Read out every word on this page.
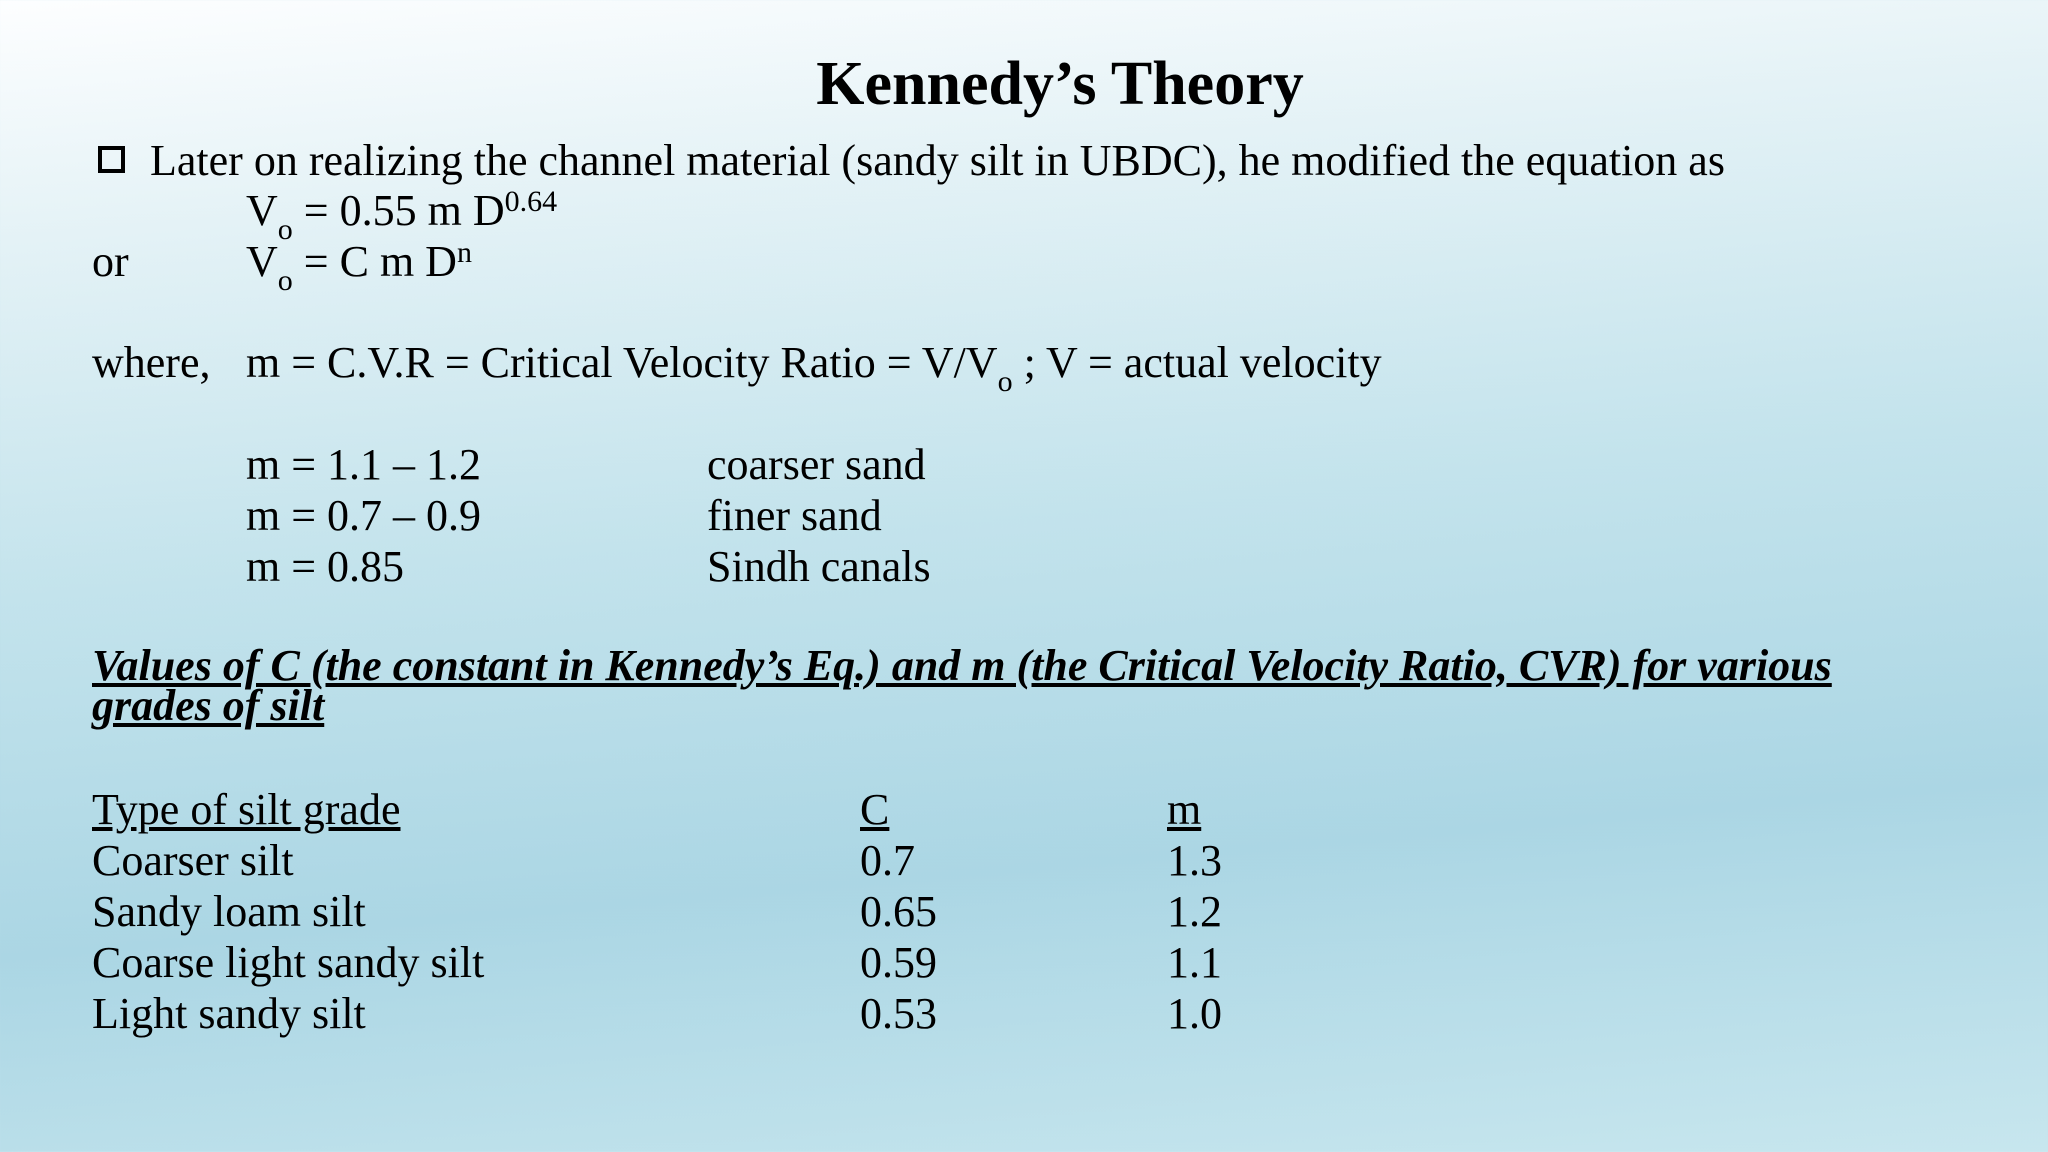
Kennedy’s Theory
Later on realizing the channel material (sandy silt in UBDC), he modified the equation as
$V_o = 0.55$ m $D^{0.64}$
or	$V_o = C$ m $D^n$
where, m = C.V.R = Critical Velocity Ratio = $V/V_o$ ; V = actual velocity
m = 1.1 – 1.2	coarser sand
m = 0.7 – 0.9	finer sand
m = 0.85	Sindh canals
Values of C (the constant in Kennedy’s Eq.) and m (the Critical Velocity Ratio, CVR) for various grades of silt
Type of silt grade	C	m
Coarser silt	0.7	1.3
Sandy loam silt	0.65	1.2
Coarse light sandy silt	0.59	1.1
Light sandy silt	0.53	1.0
